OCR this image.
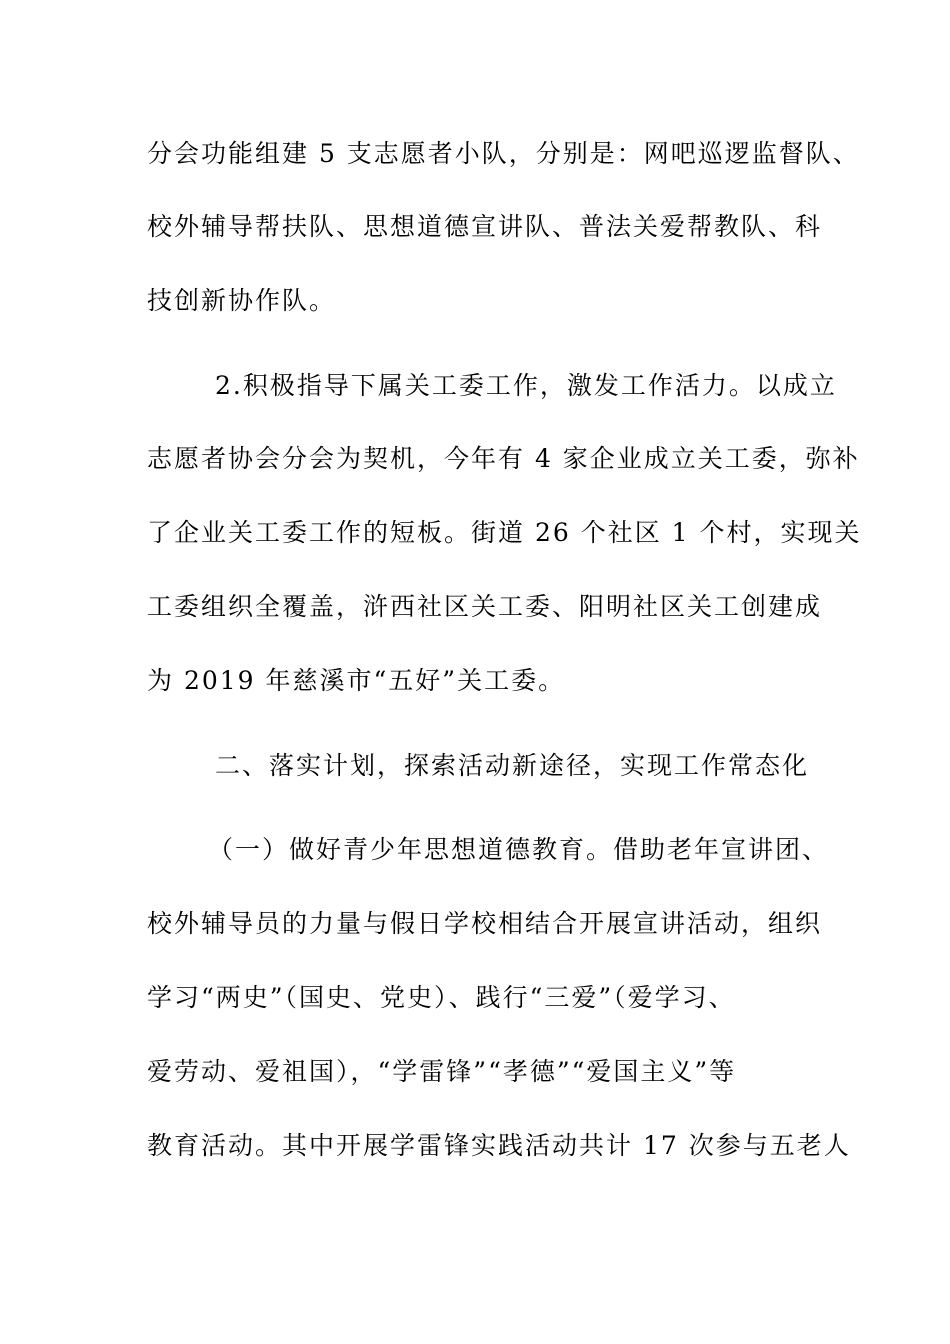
分会功能组建 5 支志愿者小队，分别是：网吧巡逻监督队、
校外辅导帮扶队、思想道德宣讲队、普法关爱帮教队、科
技创新协作队。
2.积极指导下属关工委工作，激发工作活力。以成立
志愿者协会分会为契机，今年有 4 家企业成立关工委，弥补
了企业关工委工作的短板。街道 26 个社区 1 个村，实现关
工委组织全覆盖，浒西社区关工委、阳明社区关工创建成
为 2019 年慈溪市“五好”关工委。
二、落实计划，探索活动新途径，实现工作常态化
（一）做好青少年思想道德教育。借助老年宣讲团、
校外辅导员的力量与假日学校相结合开展宣讲活动，组织
学习“两史”（国史、党史）、践行“三爱”（爱学习、
爱劳动、爱祖国），“学雷锋”“孝德”“爱国主义”等
教育活动。其中开展学雷锋实践活动共计 17 次参与五老人
